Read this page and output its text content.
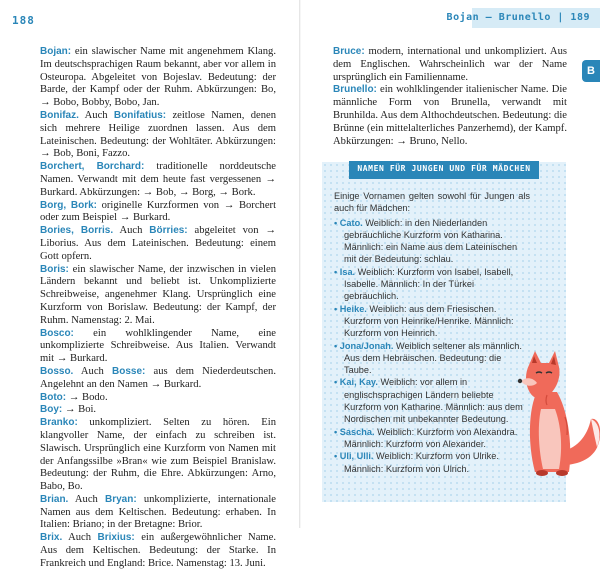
188

Bojan: ein slawischer Name mit angenehmem Klang. Im deutschsprachigen Raum bekannt, aber vor allem in Osteuropa. Abgeleitet von Bojeslav. Bedeutung: der Barde, der Kampf oder der Ruhm. Abkürzungen: Bo, → Bobo, Bobby, Bobo, Jan.

Bonifaz. Auch Bonifatius: zeitlose Namen, denen sich mehrere Heilige zuordnen lassen. Aus dem Lateinischen. Bedeutung: der Wohltäter. Abkürzungen: → Bob, Boni, Fazzo.

Borchert, Borchard: traditionelle norddeutsche Namen. Verwandt mit dem heute fast vergessenen → Burkard. Abkürzungen: → Bob, → Borg, → Bork.

Borg, Bork: originelle Kurzformen von → Borchert oder zum Beispiel → Burkard.

Bories, Borris. Auch Börries: abgeleitet von → Liborius. Aus dem Lateinischen. Bedeutung: einem Gott opfern.

Boris: ein slawischer Name, der inzwischen in vielen Ländern bekannt und beliebt ist. Unkomplizierte Schreibweise, angenehmer Klang. Ursprünglich eine Kurzform von Borislaw. Bedeutung: der Kampf, der Ruhm. Namenstag: 2. Mai.

Bosco: ein wohlklingender Name, eine unkomplizierte Schreibweise. Aus Italien. Verwandt mit → Burkard.

Bosso. Auch Bosse: aus dem Niederdeutschen. Angelehnt an den Namen → Burkard.

Boto: → Bodo.

Boy: → Boi.

Branko: unkompliziert. Selten zu hören. Ein klangvoller Name, der einfach zu schreiben ist. Slawisch. Ursprünglich eine Kurzform von Namen mit der Anfangssilbe »Bran« wie zum Beispiel Branislaw. Bedeutung: der Ruhm, die Ehre. Abkürzungen: Arno, Babo, Bo.

Brian. Auch Bryan: unkomplizierte, internationale Namen aus dem Keltischen. Bedeutung: erhaben. In Italien: Briano; in der Bretagne: Brior.

Brix. Auch Brixius: ein außergewöhnlicher Name. Aus dem Keltischen. Bedeutung: der Starke. In Frankreich und England: Brice. Namenstag: 13. Juni.

Bojan – Brunello | 189
B

Bruce: modern, international und unkompliziert. Aus dem Englischen. Wahrscheinlich war der Name ursprünglich ein Familienname.

Brunello: ein wohlklingender italienischer Name. Die männliche Form von Brunella, verwandt mit Brunhilda. Aus dem Althochdeutschen. Bedeutung: die Brünne (ein mittelalterliches Panzerhemd), der Kampf. Abkürzungen: → Bruno, Nello.

NAMEN FÜR JUNGEN UND FÜR MÄDCHEN

Einige Vornamen gelten sowohl für Jungen als auch für Mädchen:

• Cato. Weiblich: in den Niederlanden gebräuchliche Kurzform von Katharina. Männlich: ein Name aus dem Lateinischen mit der Bedeutung: schlau.

• Isa. Weiblich: Kurzform von Isabel, Isabell, Isabelle. Männlich: In der Türkei gebräuchlich.

• Heike. Weiblich: aus dem Friesischen. Kurzform von Heinrike/Henrike. Männlich: Kurzform von Heinrich.

• Jona/Jonah. Weiblich seltener als männlich. Aus dem Hebräischen. Bedeutung: die Taube.

• Kai, Kay. Weiblich: vor allem in englischsprachigen Ländern beliebte Kurzform von Katharine. Männlich: aus dem Nordischen mit unbekannter Bedeutung.

• Sascha. Weiblich: Kurzform von Alexandra. Männlich: Kurzform von Alexander.

• Uli, Ulli. Weiblich: Kurzform von Ulrike. Männlich: Kurzform von Ulrich.
